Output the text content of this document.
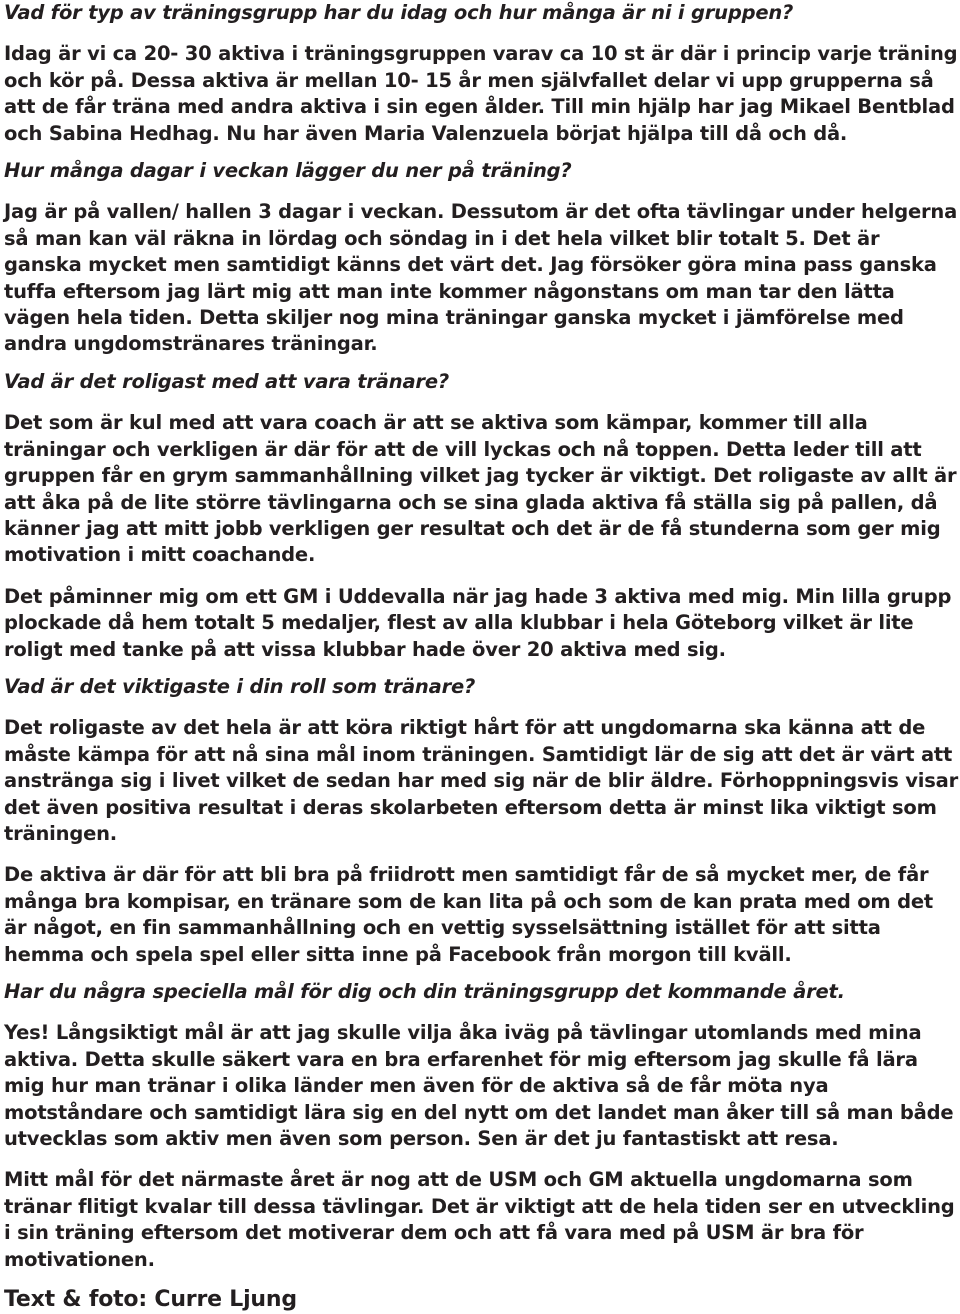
Vad för typ av träningsgrupp har du idag och hur många är ni i gruppen?

Idag är vi ca 20- 30 aktiva i träningsgruppen varav ca 10 st är där i princip varje träning och kör på. Dessa aktiva är mellan 10- 15 år men självfallet delar vi upp grupperna så att de får träna med andra aktiva i sin egen ålder. Till min hjälp har jag Mikael Bentblad och Sabina Hedhag. Nu har även Maria Valenzuela börjat hjälpa till då och då.

Hur många dagar i veckan lägger du ner på träning?

Jag är på vallen/ hallen 3 dagar i veckan. Dessutom är det ofta tävlingar under helgerna så man kan väl räkna in lördag och söndag in i det hela vilket blir totalt 5. Det är ganska mycket men samtidigt känns det värt det. Jag försöker göra mina pass ganska tuffa eftersom jag lärt mig att man inte kommer någonstans om man tar den lätta vägen hela tiden. Detta skiljer nog mina träningar ganska mycket i jämförelse med andra ungdomstränares träningar.

Vad är det roligast med att vara tränare?

Det som är kul med att vara coach är att se aktiva som kämpar, kommer till alla träningar och verkligen är där för att de vill lyckas och nå toppen. Detta leder till att gruppen får en grym sammanhållning vilket jag tycker är viktigt. Det roligaste av allt är att åka på de lite större tävlingarna och se sina glada aktiva få ställa sig på pallen, då känner jag att mitt jobb verkligen ger resultat och det är de få stunderna som ger mig motivation i mitt coachande.

Det påminner mig om ett GM i Uddevalla när jag hade 3 aktiva med mig. Min lilla grupp plockade då hem totalt 5 medaljer, flest av alla klubbar i hela Göteborg vilket är lite roligt med tanke på att vissa klubbar hade över 20 aktiva med sig.

Vad är det viktigaste i din roll som tränare?

Det roligaste av det hela är att köra riktigt hårt för att ungdomarna ska känna att de måste kämpa för att nå sina mål inom träningen. Samtidigt lär de sig att det är värt att anstränga sig i livet vilket de sedan har med sig när de blir äldre. Förhoppningsvis visar det även positiva resultat i deras skolarbeten eftersom detta är minst lika viktigt som träningen.

De aktiva är där för att bli bra på friidrott men samtidigt får de så mycket mer, de får många bra kompisar, en tränare som de kan lita på och som de kan prata med om det är något, en fin sammanhållning och en vettig sysselsättning istället för att sitta hemma och spela spel eller sitta inne på Facebook från morgon till kväll.

Har du några speciella mål för dig och din träningsgrupp det kommande året.

Yes! Långsiktigt mål är att jag skulle vilja åka iväg på tävlingar utomlands med mina aktiva. Detta skulle säkert vara en bra erfarenhet för mig eftersom jag skulle få lära mig hur man tränar i olika länder men även för de aktiva så de får möta nya motståndare och samtidigt lära sig en del nytt om det landet man åker till så man både utvecklas som aktiv men även som person. Sen är det ju fantastiskt att resa.

Mitt mål för det närmaste året är nog att de USM och GM aktuella ungdomarna som tränar flitigt kvalar till dessa tävlingar. Det är viktigt att de hela tiden ser en utveckling i sin träning eftersom det motiverar dem och att få vara med på USM är bra för motivationen.

Text & foto: Curre Ljung
